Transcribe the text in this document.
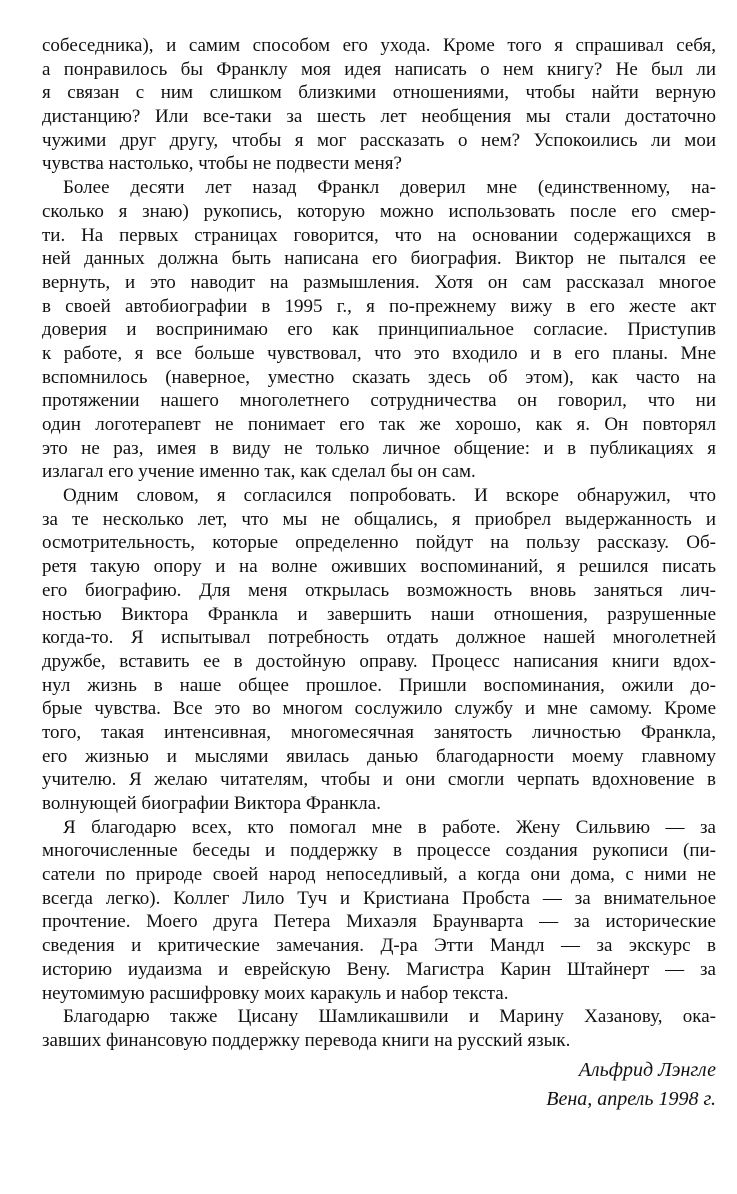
собеседника), и самим способом его ухода. Кроме того я спрашивал себя,
а понравилось бы Франклу моя идея написать о нем книгу? Не был ли
я связан с ним слишком близкими отношениями, чтобы найти верную
дистанцию? Или все-таки за шесть лет необщения мы стали достаточно
чужими друг другу, чтобы я мог рассказать о нем? Успокоились ли мои
чувства настолько, чтобы не подвести меня?
Более десяти лет назад Франкл доверил мне (единственному, на-
сколько я знаю) рукопись, которую можно использовать после его смер-
ти. На первых страницах говорится, что на основании содержащихся в
ней данных должна быть написана его биография. Виктор не пытался ее
вернуть, и это наводит на размышления. Хотя он сам рассказал многое
в своей автобиографии в 1995 г., я по-прежнему вижу в его жесте акт
доверия и воспринимаю его как принципиальное согласие. Приступив
к работе, я все больше чувствовал, что это входило и в его планы. Мне
вспомнилось (наверное, уместно сказать здесь об этом), как часто на
протяжении нашего многолетнего сотрудничества он говорил, что ни
один логотерапевт не понимает его так же хорошо, как я. Он повторял
это не раз, имея в виду не только личное общение: и в публикациях я
излагал его учение именно так, как сделал бы он сам.
Одним словом, я согласился попробовать. И вскоре обнаружил, что
за те несколько лет, что мы не общались, я приобрел выдержанность и
осмотрительность, которые определенно пойдут на пользу рассказу. Об-
ретя такую опору и на волне оживших воспоминаний, я решился писать
его биографию. Для меня открылась возможность вновь заняться лич-
ностью Виктора Франкла и завершить наши отношения, разрушенные
когда-то. Я испытывал потребность отдать должное нашей многолетней
дружбе, вставить ее в достойную оправу. Процесс написания книги вдох-
нул жизнь в наше общее прошлое. Пришли воспоминания, ожили до-
брые чувства. Все это во многом сослужило службу и мне самому. Кроме
того, такая интенсивная, многомесячная занятость личностью Франкла,
его жизнью и мыслями явилась данью благодарности моему главному
учителю. Я желаю читателям, чтобы и они смогли черпать вдохновение в
волнующей биографии Виктора Франкла.
Я благодарю всех, кто помогал мне в работе. Жену Сильвию — за
многочисленные беседы и поддержку в процессе создания рукописи (пи-
сатели по природе своей народ непоседливый, а когда они дома, с ними не
всегда легко). Коллег Лило Туч и Кристиана Пробста — за внимательное
прочтение. Моего друга Петера Михаэля Браунварта — за исторические
сведения и критические замечания. Д-ра Этти Мандл — за экскурс в
историю иудаизма и еврейскую Вену. Магистра Карин Штайнерт — за
неутомимую расшифровку моих каракуль и набор текста.
Благодарю также Цисану Шамликашвили и Марину Хазанову, ока-
завших финансовую поддержку перевода книги на русский язык.
Альфрид Лэнгле
Вена, апрель 1998 г.
